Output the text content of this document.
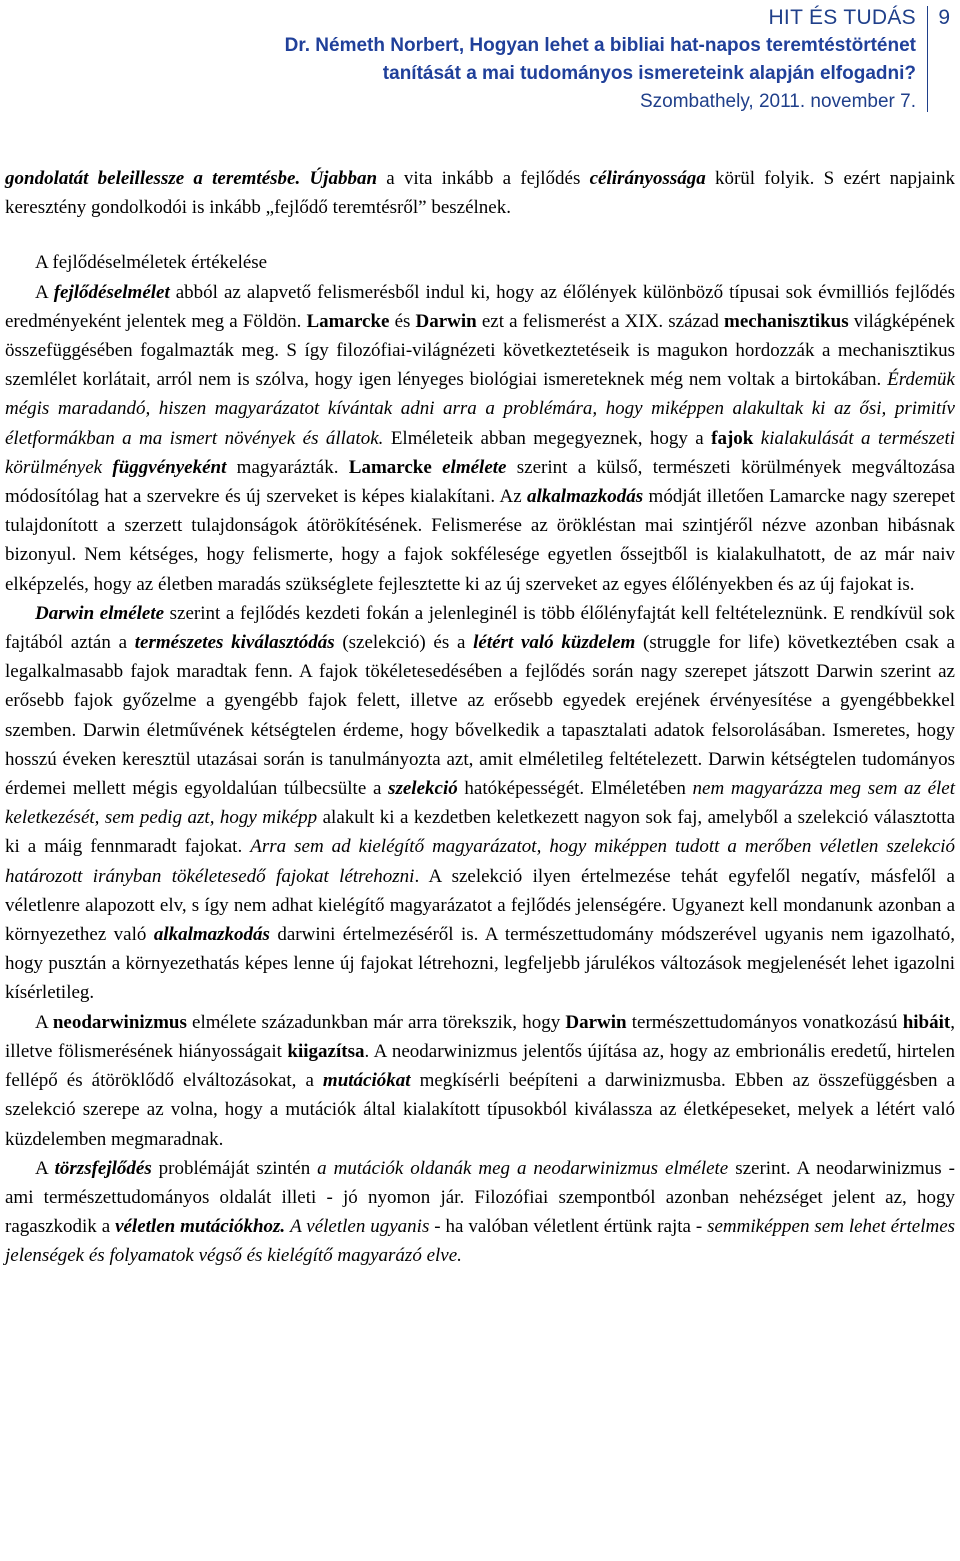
HIT ÉS TUDÁS
Dr. Németh Norbert, Hogyan lehet a bibliai hat-napos teremtéstörténet
tanítását a mai tudományos ismereteink alapján elfogadni?
Szombathely, 2011. november 7.
9

gondolatát beleillessze a teremtésbe. Újabban a vita inkább a fejlődés célirányossága körül folyik. S ezért napjaink keresztény gondolkodói is inkább „fejlődő teremtésről” beszélnek.

A fejlődéselméletek értékelése

A fejlődéselmélet abból az alapvető felismerésből indul ki, hogy az élőlények különböző típusai sok évmilliós fejlődés eredményeként jelentek meg a Földön. Lamarcke és Darwin ezt a felismerést a XIX. század mechanisztikus világképének összefüggésében fogalmazták meg. S így filozófiai-világnézeti következtetéseik is magukon hordozzák a mechanisztikus szemlélet korlátait, arról nem is szólva, hogy igen lényeges biológiai ismereteknek még nem voltak a birtokában. Érdemük mégis maradandó, hiszen magyarázatot kívántak adni arra a problémára, hogy miképpen alakultak ki az ősi, primitív életformákban a ma ismert növények és állatok. Elméleteik abban megegyeznek, hogy a fajok kialakulását a természeti körülmények függvényeként magyarázták. Lamarcke elmélete szerint a külső, természeti körülmények megváltozása módosítólag hat a szervekre és új szerveket is képes kialakítani. Az alkalmazkodás módját illetően Lamarcke nagy szerepet tulajdonított a szerzett tulajdonságok átörökítésének. Felismerése az örökléstan mai szintjéről nézve azonban hibásnak bizonyul. Nem kétséges, hogy felismerte, hogy a fajok sokfélesége egyetlen őssejtből is kialakulhatott, de az már naiv elképzelés, hogy az életben maradás szükséglete fejlesztette ki az új szerveket az egyes élőlényekben és az új fajokat is.

Darwin elmélete szerint a fejlődés kezdeti fokán a jelenleginél is több élőlényfajtát kell feltételeznünk. E rendkívül sok fajtából aztán a természetes kiválasztódás (szelekció) és a létért való küzdelem (struggle for life) következtében csak a legalkalmasabb fajok maradtak fenn. A fajok tökéletesedésében a fejlődés során nagy szerepet játszott Darwin szerint az erősebb fajok győzelme a gyengébb fajok felett, illetve az erősebb egyedek erejének érvényesítése a gyengébbekkel szemben. Darwin életművének kétségtelen érdeme, hogy bővelkedik a tapasztalati adatok felsorolásában. Ismeretes, hogy hosszú éveken keresztül utazásai során is tanulmányozta azt, amit elméletileg feltételezett. Darwin kétségtelen tudományos érdemei mellett mégis egyoldalúan túlbecsülte a szelekció hatóképességét. Elméletében nem magyarázza meg sem az élet keletkezését, sem pedig azt, hogy miképp alakult ki a kezdetben keletkezett nagyon sok faj, amelyből a szelekció választotta ki a máig fennmaradt fajokat. Arra sem ad kielégítő magyarázatot, hogy miképpen tudott a merőben véletlen szelekció határozott irányban tökéletesedő fajokat létrehozni. A szelekció ilyen értelmezése tehát egyfelől negatív, másfelől a véletlenre alapozott elv, s így nem adhat kielégítő magyarázatot a fejlődés jelenségére. Ugyanezt kell mondanunk azonban a környezethez való alkalmazkodás darwini értelmezéséről is. A természettudomány módszerével ugyanis nem igazolható, hogy pusztán a környezethatás képes lenne új fajokat létrehozni, legfeljebb járulékos változások megjelenését lehet igazolni kísérletileg.

A neodarwinizmus elmélete századunkban már arra törekszik, hogy Darwin természettudományos vonatkozású hibáit, illetve fölismerésének hiányosságait kiigazítsa. A neodarwinizmus jelentős újítása az, hogy az embrionális eredetű, hirtelen fellépő és átöröklődő elváltozásokat, a mutációkat megkísérli beépíteni a darwinizmusba. Ebben az összefüggésben a szelekció szerepe az volna, hogy a mutációk által kialakított típusokból kiválassza az életképeseket, melyek a létért való küzdelemben megmaradnak.

A törzsfejlődés problémáját szintén a mutációk oldanák meg a neodarwinizmus elmélete szerint. A neodarwinizmus - ami természettudományos oldalát illeti - jó nyomon jár. Filozófiai szempontból azonban nehézséget jelent az, hogy ragaszkodik a véletlen mutációkhoz. A véletlen ugyanis - ha valóban véletlent értünk rajta - semmiképpen sem lehet értelmes jelenségek és folyamatok végső és kielégítő magyarázó elve.
